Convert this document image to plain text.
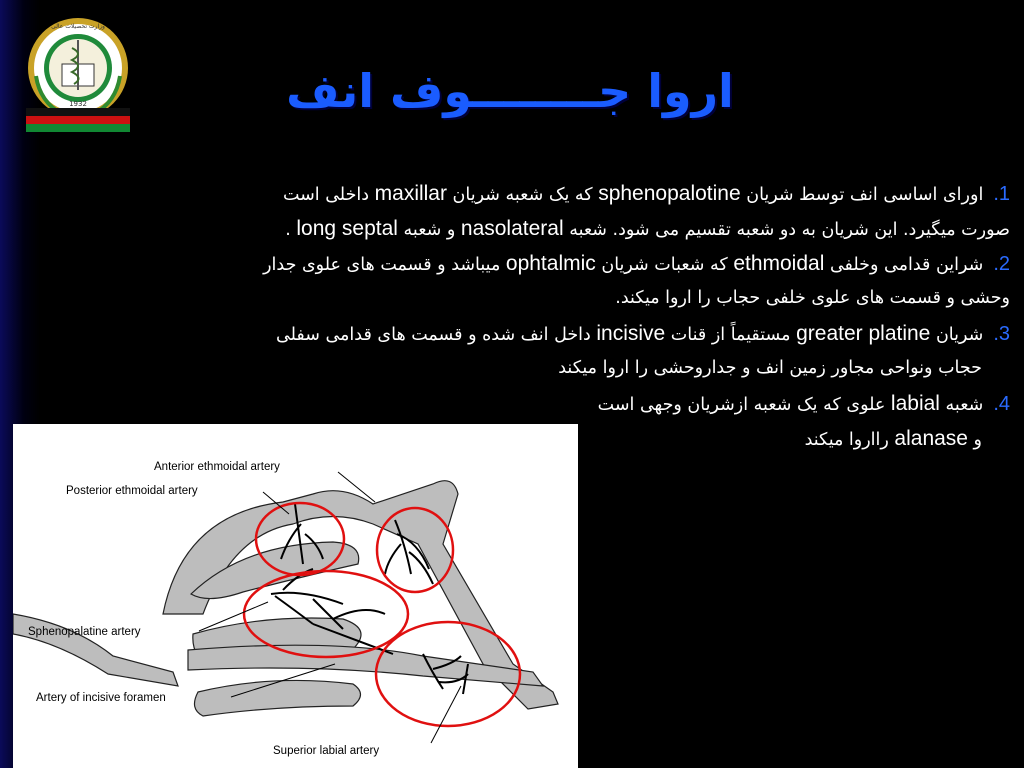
وزارت تحصیلات عالی
1932	اروا جــــــــوف انف
1.اورای اساسی انف توسط شریان sphenopalotine که یک شعبه شریان maxillar داخلی است
صورت میگیرد. این شریان به دو شعبه تقسیم می شود. شعبه nasolateral و شعبه long septal .
2.شراین قدامی وخلفی ethmoidal که شعبات شریان ophtalmic میباشد و قسمت های علوی جدار
وحشی و قسمت های علوی خلفی حجاب را اروا میکند.
3.شریان greater platine مستقیماً از قنات incisive داخل انف شده و قسمت های قدامی سفلی
حجاب ونواحی مجاور زمین انف و جداروحشی را اروا میکند
4.شعبه labial علوی که یک شعبه ازشریان وجهی است
و alanase رااروا میکند
Anterior ethmoidal artery
Posterior ethmoidal artery
Sphenopalatine artery
Artery of incisive foramen
Superior labial artery
